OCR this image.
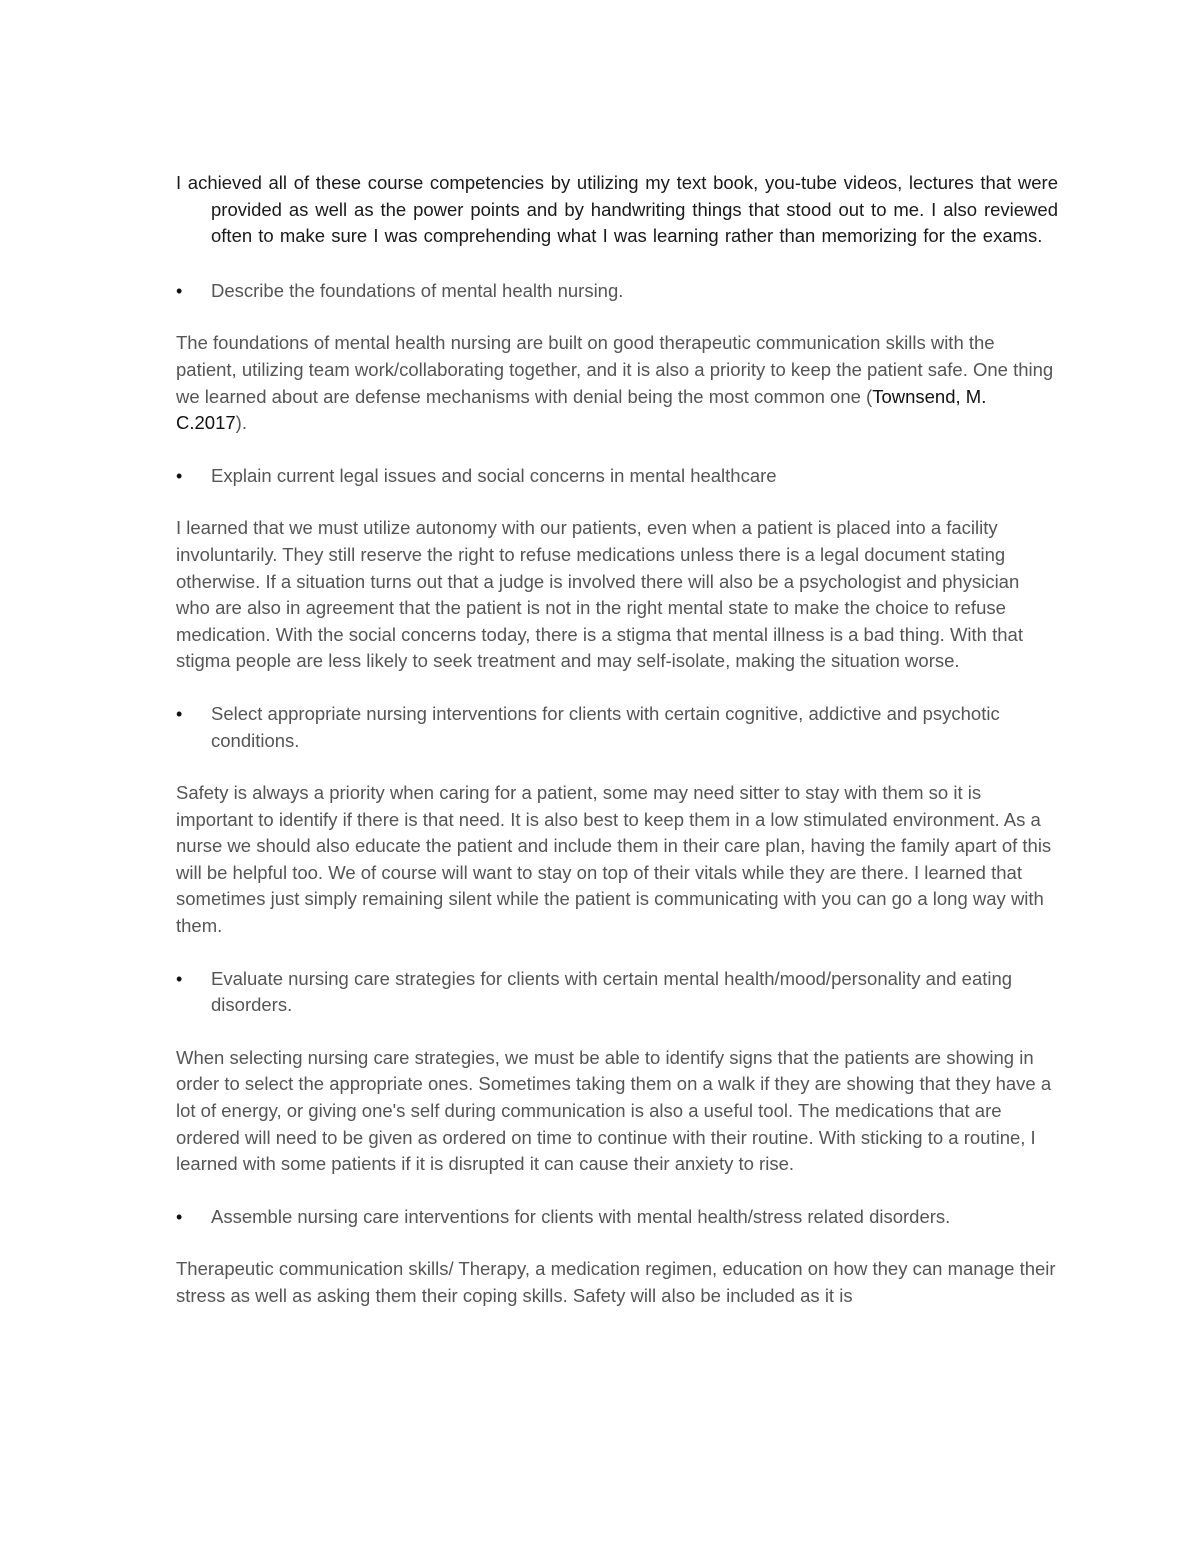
I achieved all of these course competencies by utilizing my text book, you-tube videos, lectures that were provided as well as the power points and by handwriting things that stood out to me. I also reviewed often to make sure I was comprehending what I was learning rather than memorizing for the exams.

•	Describe the foundations of mental health nursing.

The foundations of mental health nursing are built on good therapeutic communication skills with the patient, utilizing team work/collaborating together, and it is also a priority to keep the patient safe. One thing we learned about are defense mechanisms with denial being the most common one (Townsend, M. C.2017).

•	Explain current legal issues and social concerns in mental healthcare

I learned that we must utilize autonomy with our patients, even when a patient is placed into a facility involuntarily. They still reserve the right to refuse medications unless there is a legal document stating otherwise. If a situation turns out that a judge is involved there will also be a psychologist and physician who are also in agreement that the patient is not in the right mental state to make the choice to refuse medication. With the social concerns today, there is a stigma that mental illness is a bad thing. With that stigma people are less likely to seek treatment and may self-isolate, making the situation worse.

•	Select appropriate nursing interventions for clients with certain cognitive, addictive and psychotic conditions.

Safety is always a priority when caring for a patient, some may need sitter to stay with them so it is important to identify if there is that need. It is also best to keep them in a low stimulated environment. As a nurse we should also educate the patient and include them in their care plan, having the family apart of this will be helpful too. We of course will want to stay on top of their vitals while they are there. I learned that sometimes just simply remaining silent while the patient is communicating with you can go a long way with them.

•	Evaluate nursing care strategies for clients with certain mental health/mood/personality and eating disorders.

When selecting nursing care strategies, we must be able to identify signs that the patients are showing in order to select the appropriate ones. Sometimes taking them on a walk if they are showing that they have a lot of energy, or giving one's self during communication is also a useful tool. The medications that are ordered will need to be given as ordered on time to continue with their routine. With sticking to a routine, I learned with some patients if it is disrupted it can cause their anxiety to rise.

•	Assemble nursing care interventions for clients with mental health/stress related disorders.

Therapeutic communication skills/ Therapy, a medication regimen, education on how they can manage their stress as well as asking them their coping skills. Safety will also be included as it is
